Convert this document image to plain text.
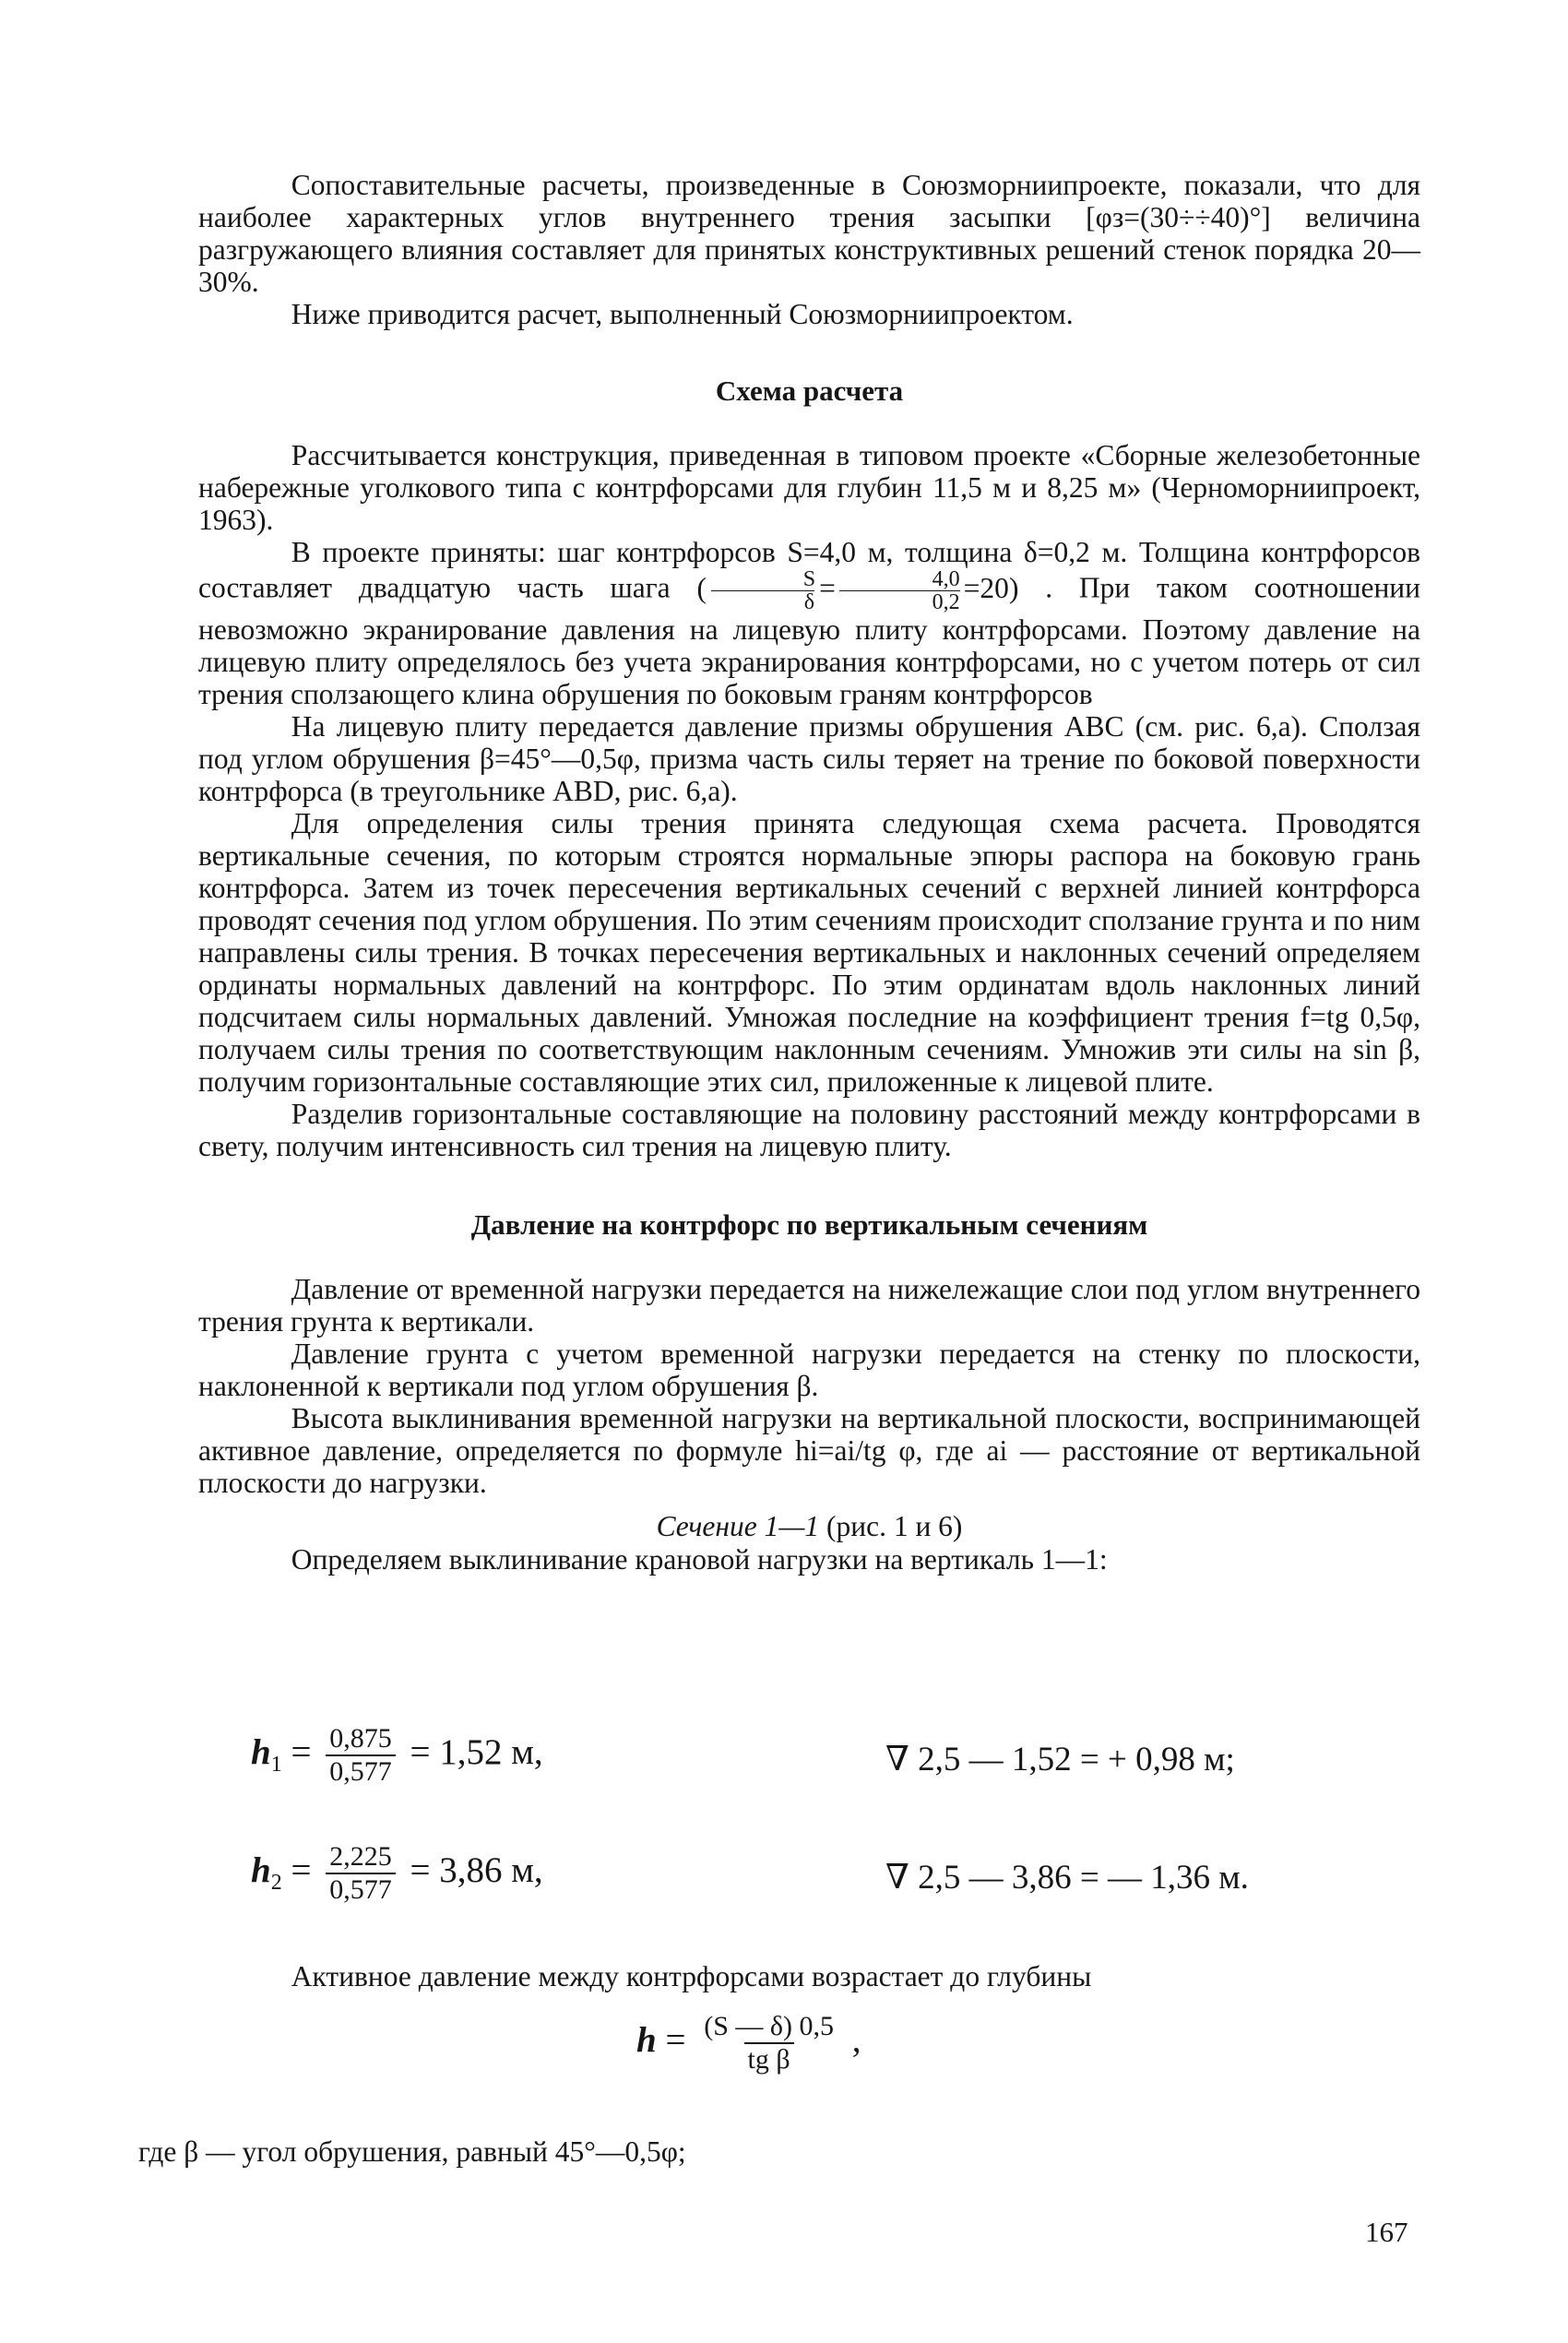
Сопоставительные расчеты, произведенные в Союзморниипроекте, показали, что для наиболее характерных углов внутреннего трения засыпки [φз=(30÷÷40)°] величина разгружающего влияния составляет для принятых конструктивных решений стенок порядка 20—30%.

Ниже приводится расчет, выполненный Союзморниипроектом.

Схема расчета

Рассчитывается конструкция, приведенная в типовом проекте «Сборные железобетонные набережные уголкового типа с контрфорсами для глубин 11,5 м и 8,25 м» (Черноморниипроект, 1963).

В проекте приняты: шаг контрфорсов S=4,0 м, толщина δ=0,2 м. Толщина контрфорсов составляет двадцатую часть шага ( $\frac{S}{\delta} = \frac{4,0}{0,2} =20$) . При таком соотношении невозможно экранирование давления на лицевую плиту контрфорсами. Поэтому давление на лицевую плиту определялось без учета экранирования контрфорсами, но с учетом потерь от сил трения сползающего клина обрушения по боковым граням контрфорсов

На лицевую плиту передается давление призмы обрушения ABC (см. рис. 6,а). Сползая под углом обрушения β=45°—0,5φ, призма часть силы теряет на трение по боковой поверхности контрфорса (в треугольнике ABD, рис. 6,а).

Для определения силы трения принята следующая схема расчета. Проводятся вертикальные сечения, по которым строятся нормальные эпюры распора на боковую грань контрфорса. Затем из точек пересечения вертикальных сечений с верхней линией контрфорса проводят сечения под углом обрушения. По этим сечениям происходит сползание грунта и по ним направлены силы трения. В точках пересечения вертикальных и наклонных сечений определяем ординаты нормальных давлений на контрфорс. По этим ординатам вдоль наклонных линий подсчитаем силы нормальных давлений. Умножая последние на коэффициент трения f=tg 0,5φ, получаем силы трения по соответствующим наклонным сечениям. Умножив эти силы на sin β, получим горизонтальные составляющие этих сил, приложенные к лицевой плите.

Разделив горизонтальные составляющие на половину расстояний между контрфорсами в свету, получим интенсивность сил трения на лицевую плиту.

Давление на контрфорс по вертикальным сечениям

Давление от временной нагрузки передается на нижележащие слои под углом внутреннего трения грунта к вертикали.

Давление грунта с учетом временной нагрузки передается на стенку по плоскости, наклоненной к вертикали под углом обрушения β.

Высота выклинивания временной нагрузки на вертикальной плоскости, воспринимающей активное давление, определяется по формуле hi=ai/tg φ, где ai — расстояние от вертикальной плоскости до нагрузки.

Сечение 1—1 (рис. 1 и 6)

Определяем выклинивание крановой нагрузки на вертикаль 1—1:

$h_1 = \frac{0,875}{0,577} = 1,52$ м,	∇ 2,5 — 1,52 = + 0,98 м;
$h_2 = \frac{2,225}{0,577} = 3,86$ м,	∇ 2,5 — 3,86 = — 1,36 м.

Активное давление между контрфорсами возрастает до глубины

$h = \frac{(S — \delta) 0,5}{\text{tg β}}$ ,

где β — угол обрушения, равный 45°—0,5φ;

167
